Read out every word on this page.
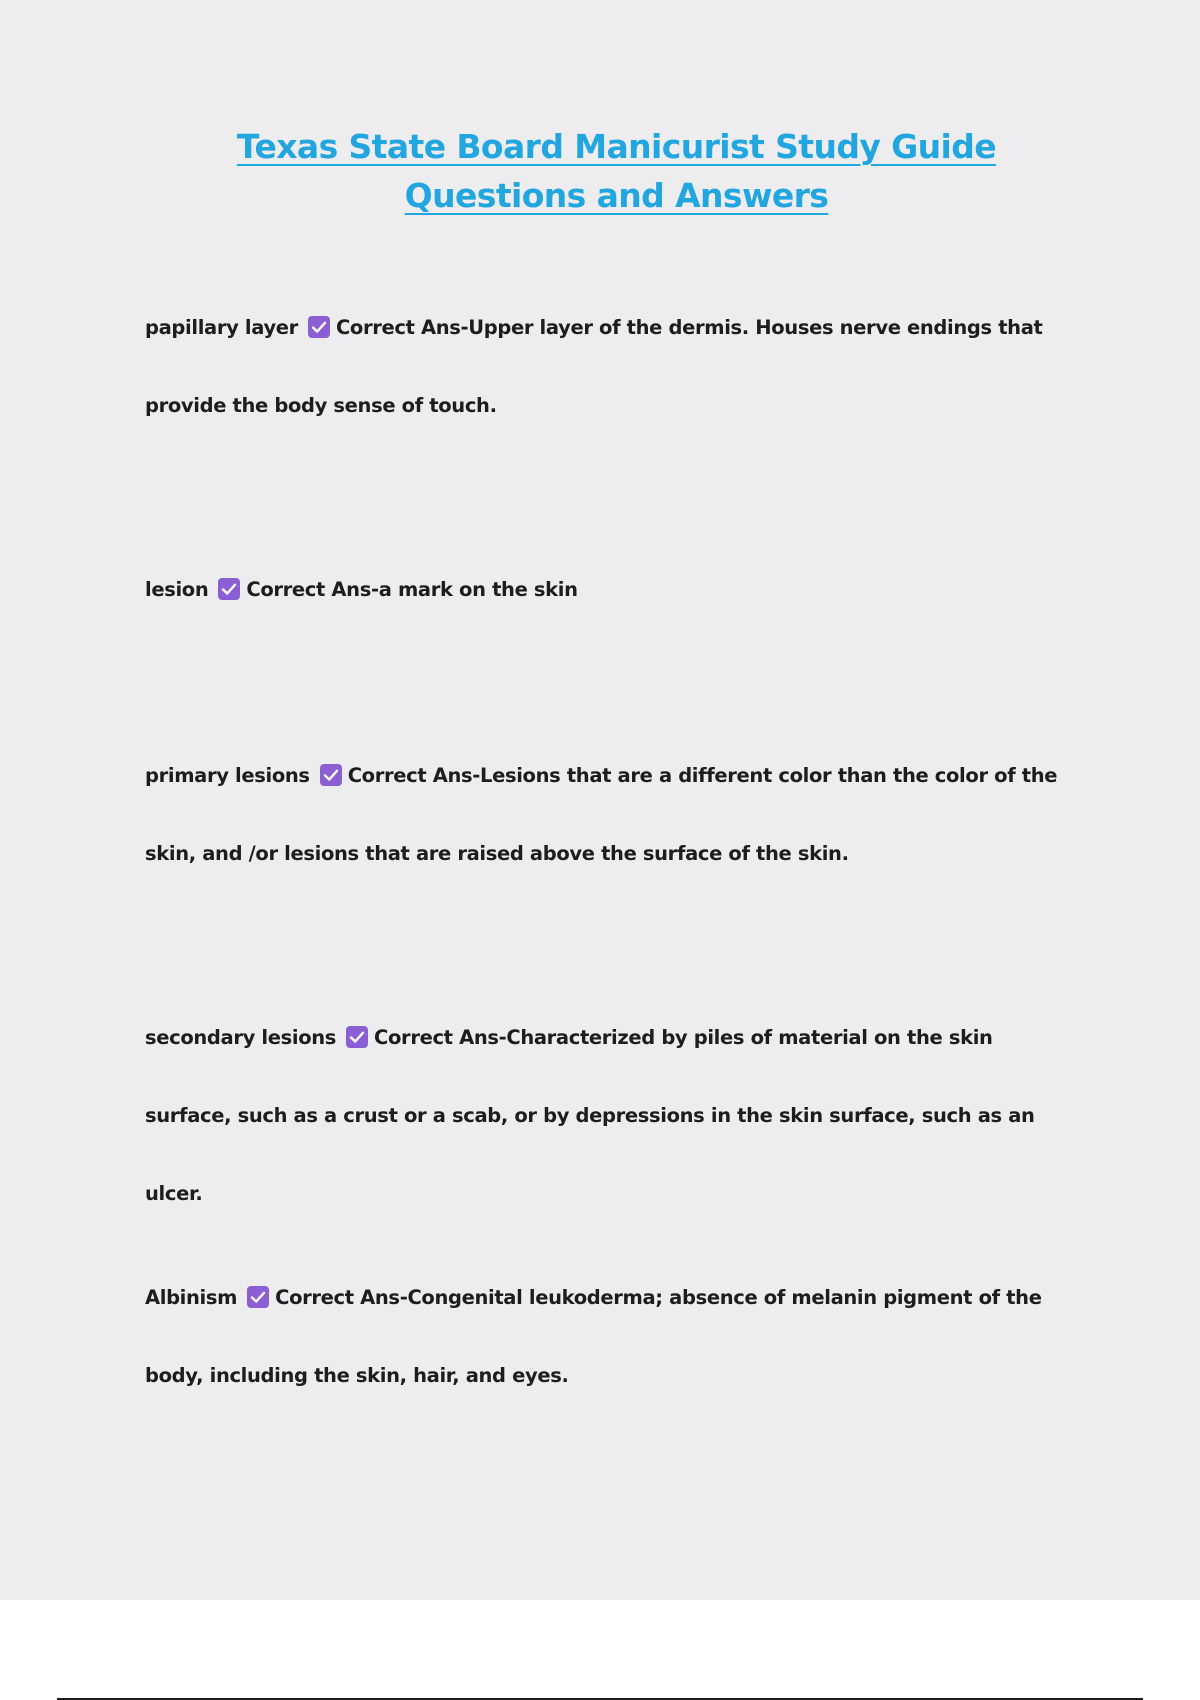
Texas State Board Manicurist Study Guide Questions and Answers

papillary layer Correct Ans-Upper layer of the dermis. Houses nerve endings that provide the body sense of touch.

lesion Correct Ans-a mark on the skin

primary lesions Correct Ans-Lesions that are a different color than the color of the skin, and /or lesions that are raised above the surface of the skin.

secondary lesions Correct Ans-Characterized by piles of material on the skin surface, such as a crust or a scab, or by depressions in the skin surface, such as an ulcer.

Albinism Correct Ans-Congenital leukoderma; absence of melanin pigment of the body, including the skin, hair, and eyes.
